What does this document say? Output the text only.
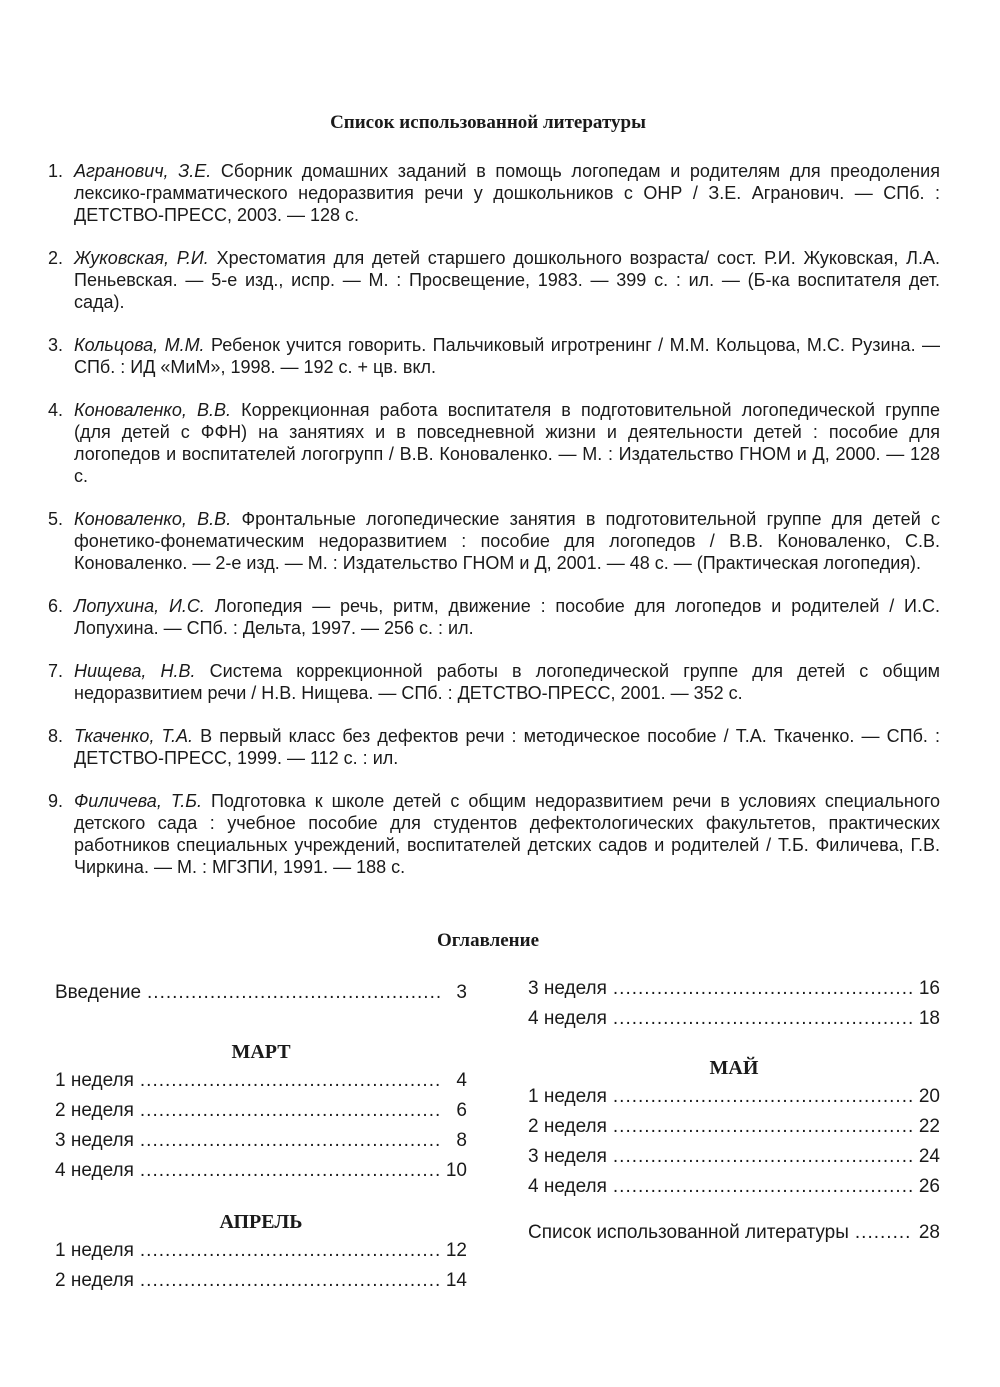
Список использованной литературы
1. Агранович, З.Е. Сборник домашних заданий в помощь логопедам и родителям для преодоления лексико-грамматического недоразвития речи у дошкольников с ОНР / З.Е. Агранович. — СПб. : ДЕТСТВО-ПРЕСС, 2003. — 128 с.
2. Жуковская, Р.И. Хрестоматия для детей старшего дошкольного возраста/ сост. Р.И. Жуковская, Л.А. Пеньевская. — 5-е изд., испр. — М. : Просвещение, 1983. — 399 с. : ил. — (Б-ка воспитателя дет. сада).
3. Кольцова, М.М. Ребенок учится говорить. Пальчиковый игротренинг / М.М. Кольцова, М.С. Рузина. — СПб. : ИД «МиМ», 1998. — 192 с. + цв. вкл.
4. Коноваленко, В.В. Коррекционная работа воспитателя в подготовительной логопедической группе (для детей с ФФН) на занятиях и в повседневной жизни и деятельности детей : пособие для логопедов и воспитателей логогрупп / В.В. Коноваленко. — М. : Издательство ГНОМ и Д, 2000. — 128 с.
5. Коноваленко, В.В. Фронтальные логопедические занятия в подготовительной группе для детей с фонетико-фонематическим недоразвитием : пособие для логопедов / В.В. Коноваленко, С.В. Коноваленко. — 2-е изд. — М. : Издательство ГНОМ и Д, 2001. — 48 с. — (Практическая логопедия).
6. Лопухина, И.С. Логопедия — речь, ритм, движение : пособие для логопедов и родителей / И.С. Лопухина. — СПб. : Дельта, 1997. — 256 с. : ил.
7. Нищева, Н.В. Система коррекционной работы в логопедической группе для детей с общим недоразвитием речи / Н.В. Нищева. — СПб. : ДЕТСТВО-ПРЕСС, 2001. — 352 с.
8. Ткаченко, Т.А. В первый класс без дефектов речи : методическое пособие / Т.А. Ткаченко. — СПб. : ДЕТСТВО-ПРЕСС, 1999. — 112 с. : ил.
9. Филичева, Т.Б. Подготовка к школе детей с общим недоразвитием речи в условиях специального детского сада : учебное пособие для студентов дефектологических факультетов, практических работников специальных учреждений, воспитателей детских садов и родителей / Т.Б. Филичева, Г.В. Чиркина. — М. : МГЗПИ, 1991. — 188 с.
Оглавление
Введение .....	3
МАРТ
1 неделя .....	4
2 неделя .....	6
3 неделя .....	8
4 неделя .....	10
АПРЕЛЬ
1 неделя .....	12
2 неделя .....	14
3 неделя .....	16
4 неделя .....	18
МАЙ
1 неделя .....	20
2 неделя .....	22
3 неделя .....	24
4 неделя .....	26
Список использованной литературы .....	28
